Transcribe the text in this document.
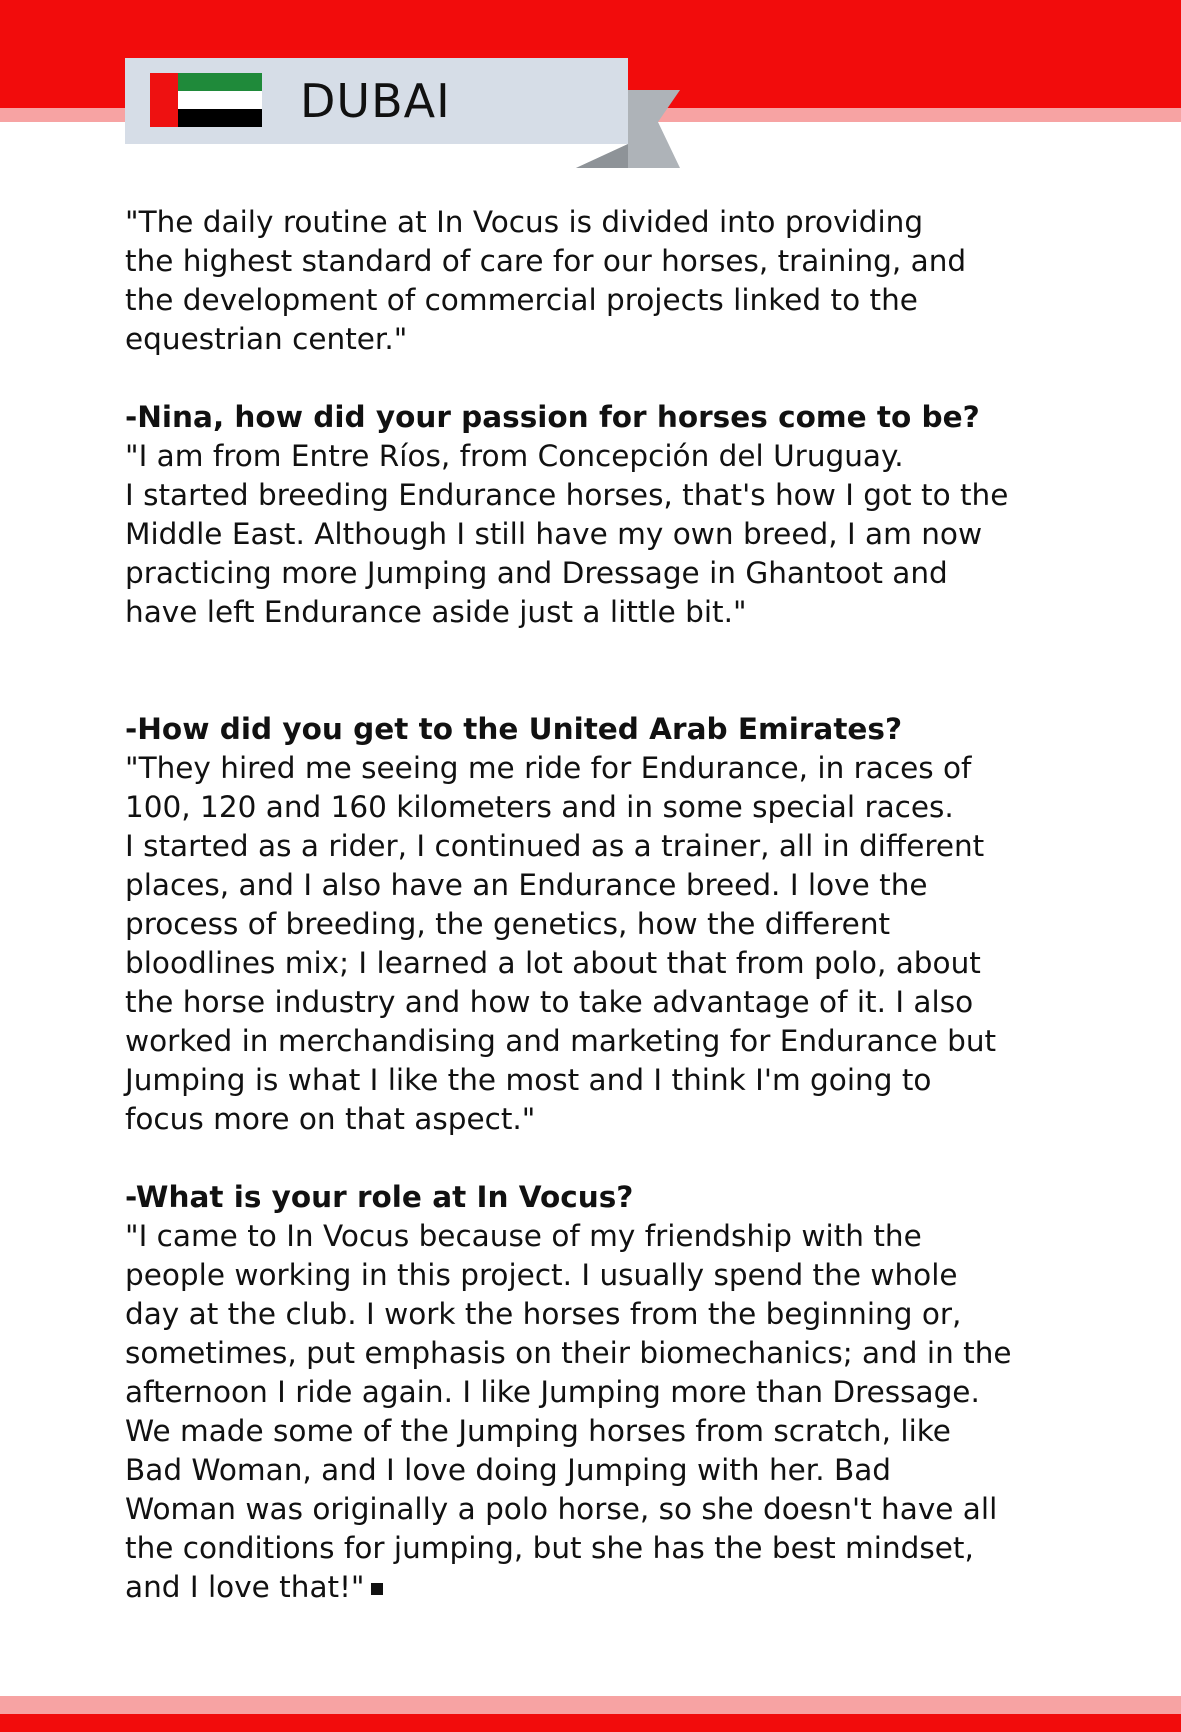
DUBAI

"The daily routine at In Vocus is divided into providing

the highest standard of care for our horses, training, and

the development of commercial projects linked to the

equestrian center."

-Nina, how did your passion for horses come to be?

"I am from Entre Ríos, from Concepción del Uruguay.

I started breeding Endurance horses, that's how I got to the

Middle East. Although I still have my own breed, I am now

practicing more Jumping and Dressage in Ghantoot and

have left Endurance aside just a little bit."

-How did you get to the United Arab Emirates?

"They hired me seeing me ride for Endurance, in races of

100, 120 and 160 kilometers and in some special races.

I started as a rider, I continued as a trainer, all in different

places, and I also have an Endurance breed. I love the

process of breeding, the genetics, how the different

bloodlines mix; I learned a lot about that from polo, about

the horse industry and how to take advantage of it. I also

worked in merchandising and marketing for Endurance but

Jumping is what I like the most and I think I'm going to

focus more on that aspect."

-What is your role at In Vocus?

"I came to In Vocus because of my friendship with the

people working in this project. I usually spend the whole

day at the club. I work the horses from the beginning or,

sometimes, put emphasis on their biomechanics; and in the

afternoon I ride again. I like Jumping more than Dressage.

We made some of the Jumping horses from scratch, like

Bad Woman, and I love doing Jumping with her. Bad

Woman was originally a polo horse, so she doesn't have all

the conditions for jumping, but she has the best mindset,

and I love that!"
